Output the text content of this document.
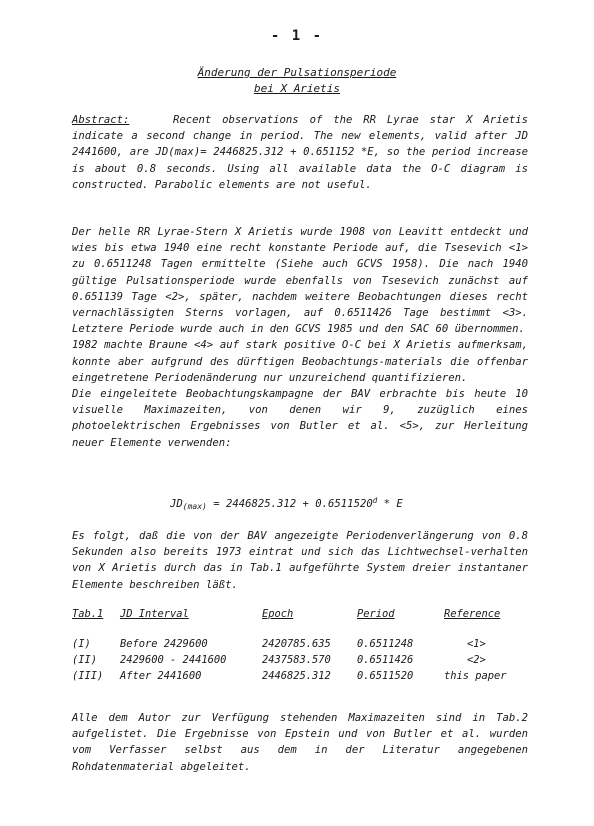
- 1 -
Änderung der Pulsationsperiode
bei X Arietis

Abstract:	Recent observations of the RR Lyrae star X Arietis indicate a second change in period. The new elements, valid after JD 2441600, are JD(max)= 2446825.312 + 0.651152 *E, so the period increase is about 0.8 seconds. Using all available data the O-C diagram is constructed. Parabolic elements are not useful.

Der helle RR Lyrae-Stern X Arietis wurde 1908 von Leavitt entdeckt und wies bis etwa 1940 eine recht konstante Periode auf, die Tsesevich <1> zu 0.6511248 Tagen ermittelte (Siehe auch GCVS 1958). Die nach 1940 gültige Pulsationsperiode wurde ebenfalls von Tsesevich zunächst auf 0.651139 Tage <2>, später, nachdem weitere Beobachtungen dieses recht vernachlässigten Sterns vorlagen, auf 0.6511426 Tage bestimmt <3>. Letztere Periode wurde auch in den GCVS 1985 und den SAC 60 übernommen.

1982 machte Braune <4> auf stark positive O-C bei X Arietis aufmerksam, konnte aber aufgrund des dürftigen Beobachtungs-materials die offenbar eingetretene Periodenänderung nur unzureichend quantifizieren.

Die eingeleitete Beobachtungskampagne der BAV erbrachte bis heute 10 visuelle Maximazeiten, von denen wir 9, zuzüglich eines photoelektrischen Ergebnisses von Butler et al. <5>, zur Herleitung neuer Elemente verwenden:

$JD_{(max)} = 2446825.312 + 0.6511520^d * E$
Es folgt, daß die von der BAV angezeigte Periodenverlängerung von 0.8 Sekunden also bereits 1973 eintrat und sich das Lichtwechsel-verhalten von X Arietis durch das in Tab.1 aufgeführte System dreier instantaner Elemente beschreiben läßt.
Tab.1 JD Interval	Epoch	Period	Reference
(I)	Before 2429600	2420785.635	0.6511248	<1>
(II) 2429600 - 2441600	2437583.570	0.6511426	<2>
(III) After 2441600	2446825.312	0.6511520	this paper
Alle dem Autor zur Verfügung stehenden Maximazeiten sind in Tab.2 aufgelistet. Die Ergebnisse von Epstein und von Butler et al. wurden vom Verfasser selbst aus dem in der Literatur angegebenen Rohdatenmaterial abgeleitet.
